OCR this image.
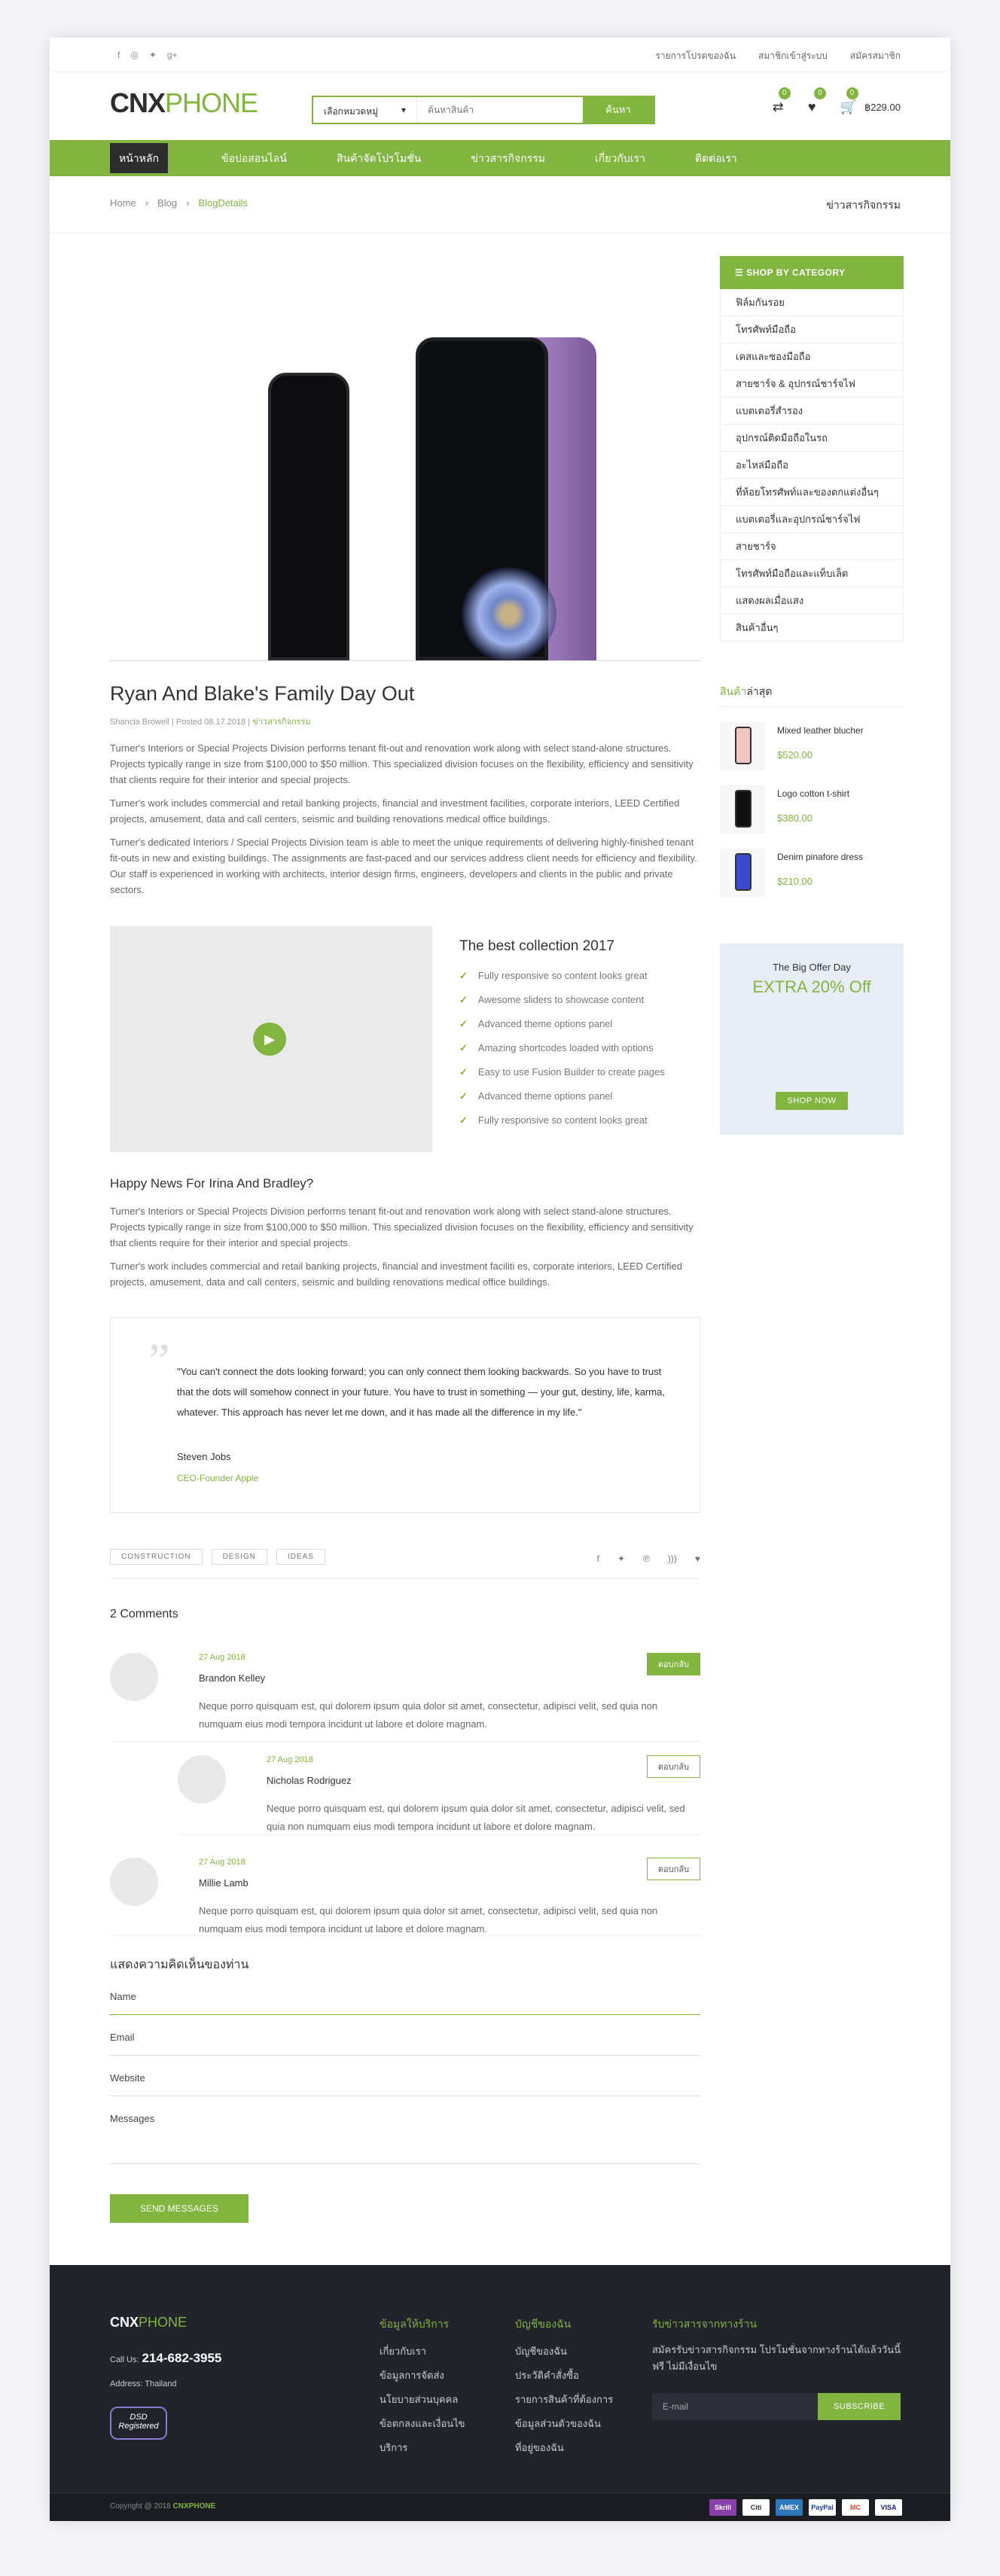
f ◎ ✦ g+	รายการโปรดของฉัน	สมาชิกเข้าสู่ระบบ	สมัครสมาชิก
CNXPHONE	เลือกหมวดหมู่	▾
ค้นหาสินค้า	ค้นหา	⇄
0
♥
0
🛒
0
฿229.00
หน้าหลัก	ข้อปอสอนไลน์	สินค้าจัดโปรโมชั่น	ข่าวสารกิจกรรม	เกี่ยวกับเรา	ติดต่อเรา
Home › Blog › BlogDetails	ข่าวสารกิจกรรม
Ryan And Blake's Family Day Out
Shancia Browell | Posted 08.17.2018 | ข่าวสารกิจกรรม

Turner's Interiors or Special Projects Division performs tenant fit-out and renovation work along with select stand-alone structures. Projects typically range in size from $100,000 to $50 million. This specialized division focuses on the flexibility, efficiency and sensitivity that clients require for their interior and special projects.

Turner's work includes commercial and retail banking projects, financial and investment facilities, corporate interiors, LEED Certified projects, amusement, data and call centers, seismic and building renovations medical office buildings.

Turner's dedicated Interiors / Special Projects Division team is able to meet the unique requirements of delivering highly-finished tenant fit-outs in new and existing buildings. The assignments are fast-paced and our services address client needs for efficiency and flexibility. Our staff is experienced in working with architects, interior design firms, engineers, developers and clients in the public and private sectors.

▶
The best collection 2017
✓ Fully responsive so content looks great
✓ Awesome sliders to showcase content
✓ Advanced theme options panel
✓ Amazing shortcodes loaded with options
✓ Easy to use Fusion Builder to create pages
✓ Advanced theme options panel
✓ Fully responsive so content looks great
Happy News For Irina And Bradley?

Turner's Interiors or Special Projects Division performs tenant fit-out and renovation work along with select stand-alone structures. Projects typically range in size from $100,000 to $50 million. This specialized division focuses on the flexibility, efficiency and sensitivity that clients require for their interior and special projects.

Turner's work includes commercial and retail banking projects, financial and investment faciliti es, corporate interiors, LEED Certified projects, amusement, data and call centers, seismic and building renovations medical office buildings.

” "You can't connect the dots looking forward; you can only connect them looking backwards. So you have to trust that the dots will somehow connect in your future. You have to trust in something — your gut, destiny, life, karma, whatever. This approach has never let me down, and it has made all the difference in my life."
Steven Jobs
CEO-Founder Apple
CONSTRUCTION	DESIGN	IDEAS	f ✦ ℗ ))) ♥
2 Comments
27 Aug 2018
Brandon Kelley
Neque porro quisquam est, qui dolorem ipsum quia dolor sit amet, consectetur, adipisci velit, sed quia non numquam eius modi tempora incidunt ut labore et dolore magnam.
ตอบกลับ
27 Aug 2018
Nicholas Rodriguez
Neque porro quisquam est, qui dolorem ipsum quia dolor sit amet, consectetur, adipisci velit, sed quia non numquam eius modi tempora incidunt ut labore et dolore magnam.
ตอบกลับ
27 Aug 2018
Millie Lamb
Neque porro quisquam est, qui dolorem ipsum quia dolor sit amet, consectetur, adipisci velit, sed quia non numquam eius modi tempora incidunt ut labore et dolore magnam.
ตอบกลับ
แสดงความคิดเห็นของท่าน
Name
Email
Website
Messages
SEND MESSAGES
☰ SHOP BY CATEGORY
ฟิล์มกันรอย
โทรศัพท์มือถือ
เคสและซองมือถือ
สายชาร์จ & อุปกรณ์ชาร์จไฟ
แบตเตอรี่สำรอง
อุปกรณ์ติดมือถือในรถ
อะไหล่มือถือ
ที่ห้อยโทรศัพท์และของตกแต่งอื่นๆ
แบตเตอรี่และอุปกรณ์ชาร์จไฟ
สายชาร์จ
โทรศัพท์มือถือและแท็บเล็ต
แสดงผลเมื่อแสง
สินค้าอื่นๆ
สินค้าล่าสุด
Mixed leather blucher
$520.00
Logo cotton t-shirt
$380.00
Denim pinafore dress
$210.00
The Big Offer Day
EXTRA 20% Off
SHOP NOW
CNXPHONE
Call Us: 214-682-3955
Address: Thailand
DSD Registered
ข้อมูลให้บริการ
เกี่ยวกับเรา
ข้อมูลการจัดส่ง
นโยบายส่วนบุคคล
ข้อตกลงและเงื่อนไข
บริการ
บัญชีของฉัน
บัญชีของฉัน
ประวัติคำสั่งซื้อ
รายการสินค้าที่ต้องการ
ข้อมูลส่วนตัวของฉัน
ที่อยู่ของฉัน
รับข่าวสารจากทางร้าน

สมัครรับข่าวสารกิจกรรม โปรโมชั่นจากทางร้านได้แล้ววันนี้ ฟรี ไม่มีเงื่อนไข

E-mail	SUBSCRIBE
Copyright @ 2018 CNXPHONE	Skrill	Citi	AMEX	PayPal	MC	VISA
